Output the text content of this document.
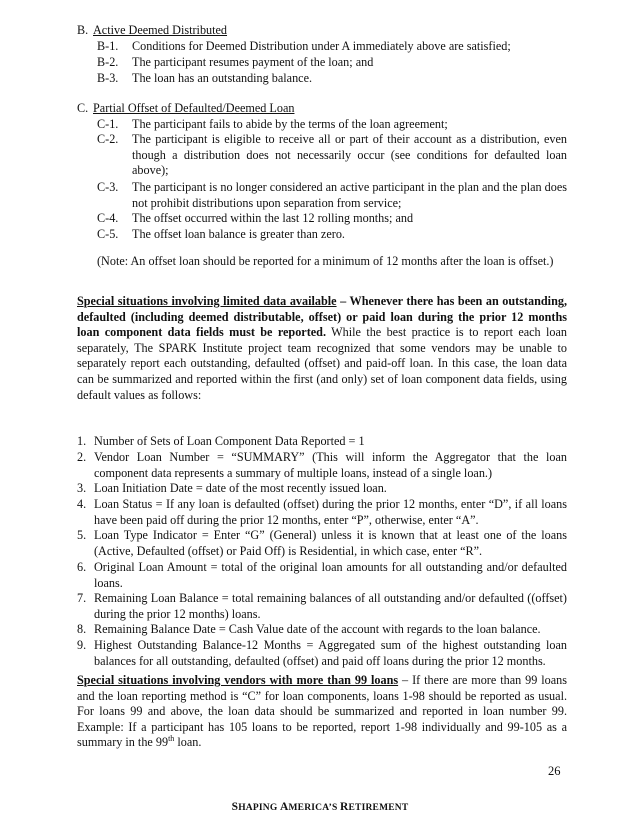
B. Active Deemed Distributed
B-1.	Conditions for Deemed Distribution under A immediately above are satisfied;
B-2.	The participant resumes payment of the loan; and
B-3.	The loan has an outstanding balance.
C. Partial Offset of Defaulted/Deemed Loan
C-1.	The participant fails to abide by the terms of the loan agreement;
C-2.	The participant is eligible to receive all or part of their account as a distribution, even though a distribution does not necessarily occur (see conditions for defaulted loan above);
C-3.	The participant is no longer considered an active participant in the plan and the plan does not prohibit distributions upon separation from service;
C-4.	The offset occurred within the last 12 rolling months; and
C-5.	The offset loan balance is greater than zero.
(Note: An offset loan should be reported for a minimum of 12 months after the loan is offset.)
Special situations involving limited data available – Whenever there has been an outstanding, defaulted (including deemed distributable, offset) or paid loan during the prior 12 months loan component data fields must be reported. While the best practice is to report each loan separately, The SPARK Institute project team recognized that some vendors may be unable to separately report each outstanding, defaulted (offset) and paid-off loan. In this case, the loan data can be summarized and reported within the first (and only) set of loan component data fields, using default values as follows:
1. Number of Sets of Loan Component Data Reported = 1
2. Vendor Loan Number = “SUMMARY” (This will inform the Aggregator that the loan component data represents a summary of multiple loans, instead of a single loan.)
3. Loan Initiation Date = date of the most recently issued loan.
4. Loan Status = If any loan is defaulted (offset) during the prior 12 months, enter “D”, if all loans have been paid off during the prior 12 months, enter “P”, otherwise, enter “A”.
5. Loan Type Indicator = Enter “G” (General) unless it is known that at least one of the loans (Active, Defaulted (offset) or Paid Off) is Residential, in which case, enter “R”.
6. Original Loan Amount = total of the original loan amounts for all outstanding and/or defaulted loans.
7. Remaining Loan Balance = total remaining balances of all outstanding and/or defaulted ((offset) during the prior 12 months) loans.
8. Remaining Balance Date = Cash Value date of the account with regards to the loan balance.
9. Highest Outstanding Balance-12 Months = Aggregated sum of the highest outstanding loan balances for all outstanding, defaulted (offset) and paid off loans during the prior 12 months.
Special situations involving vendors with more than 99 loans – If there are more than 99 loans and the loan reporting method is “C” for loan components, loans 1-98 should be reported as usual. For loans 99 and above, the loan data should be summarized and reported in loan number 99. Example: If a participant has 105 loans to be reported, report 1-98 individually and 99-105 as a summary in the 99th loan.
26
SHAPING AMERICA’S RETIREMENT
